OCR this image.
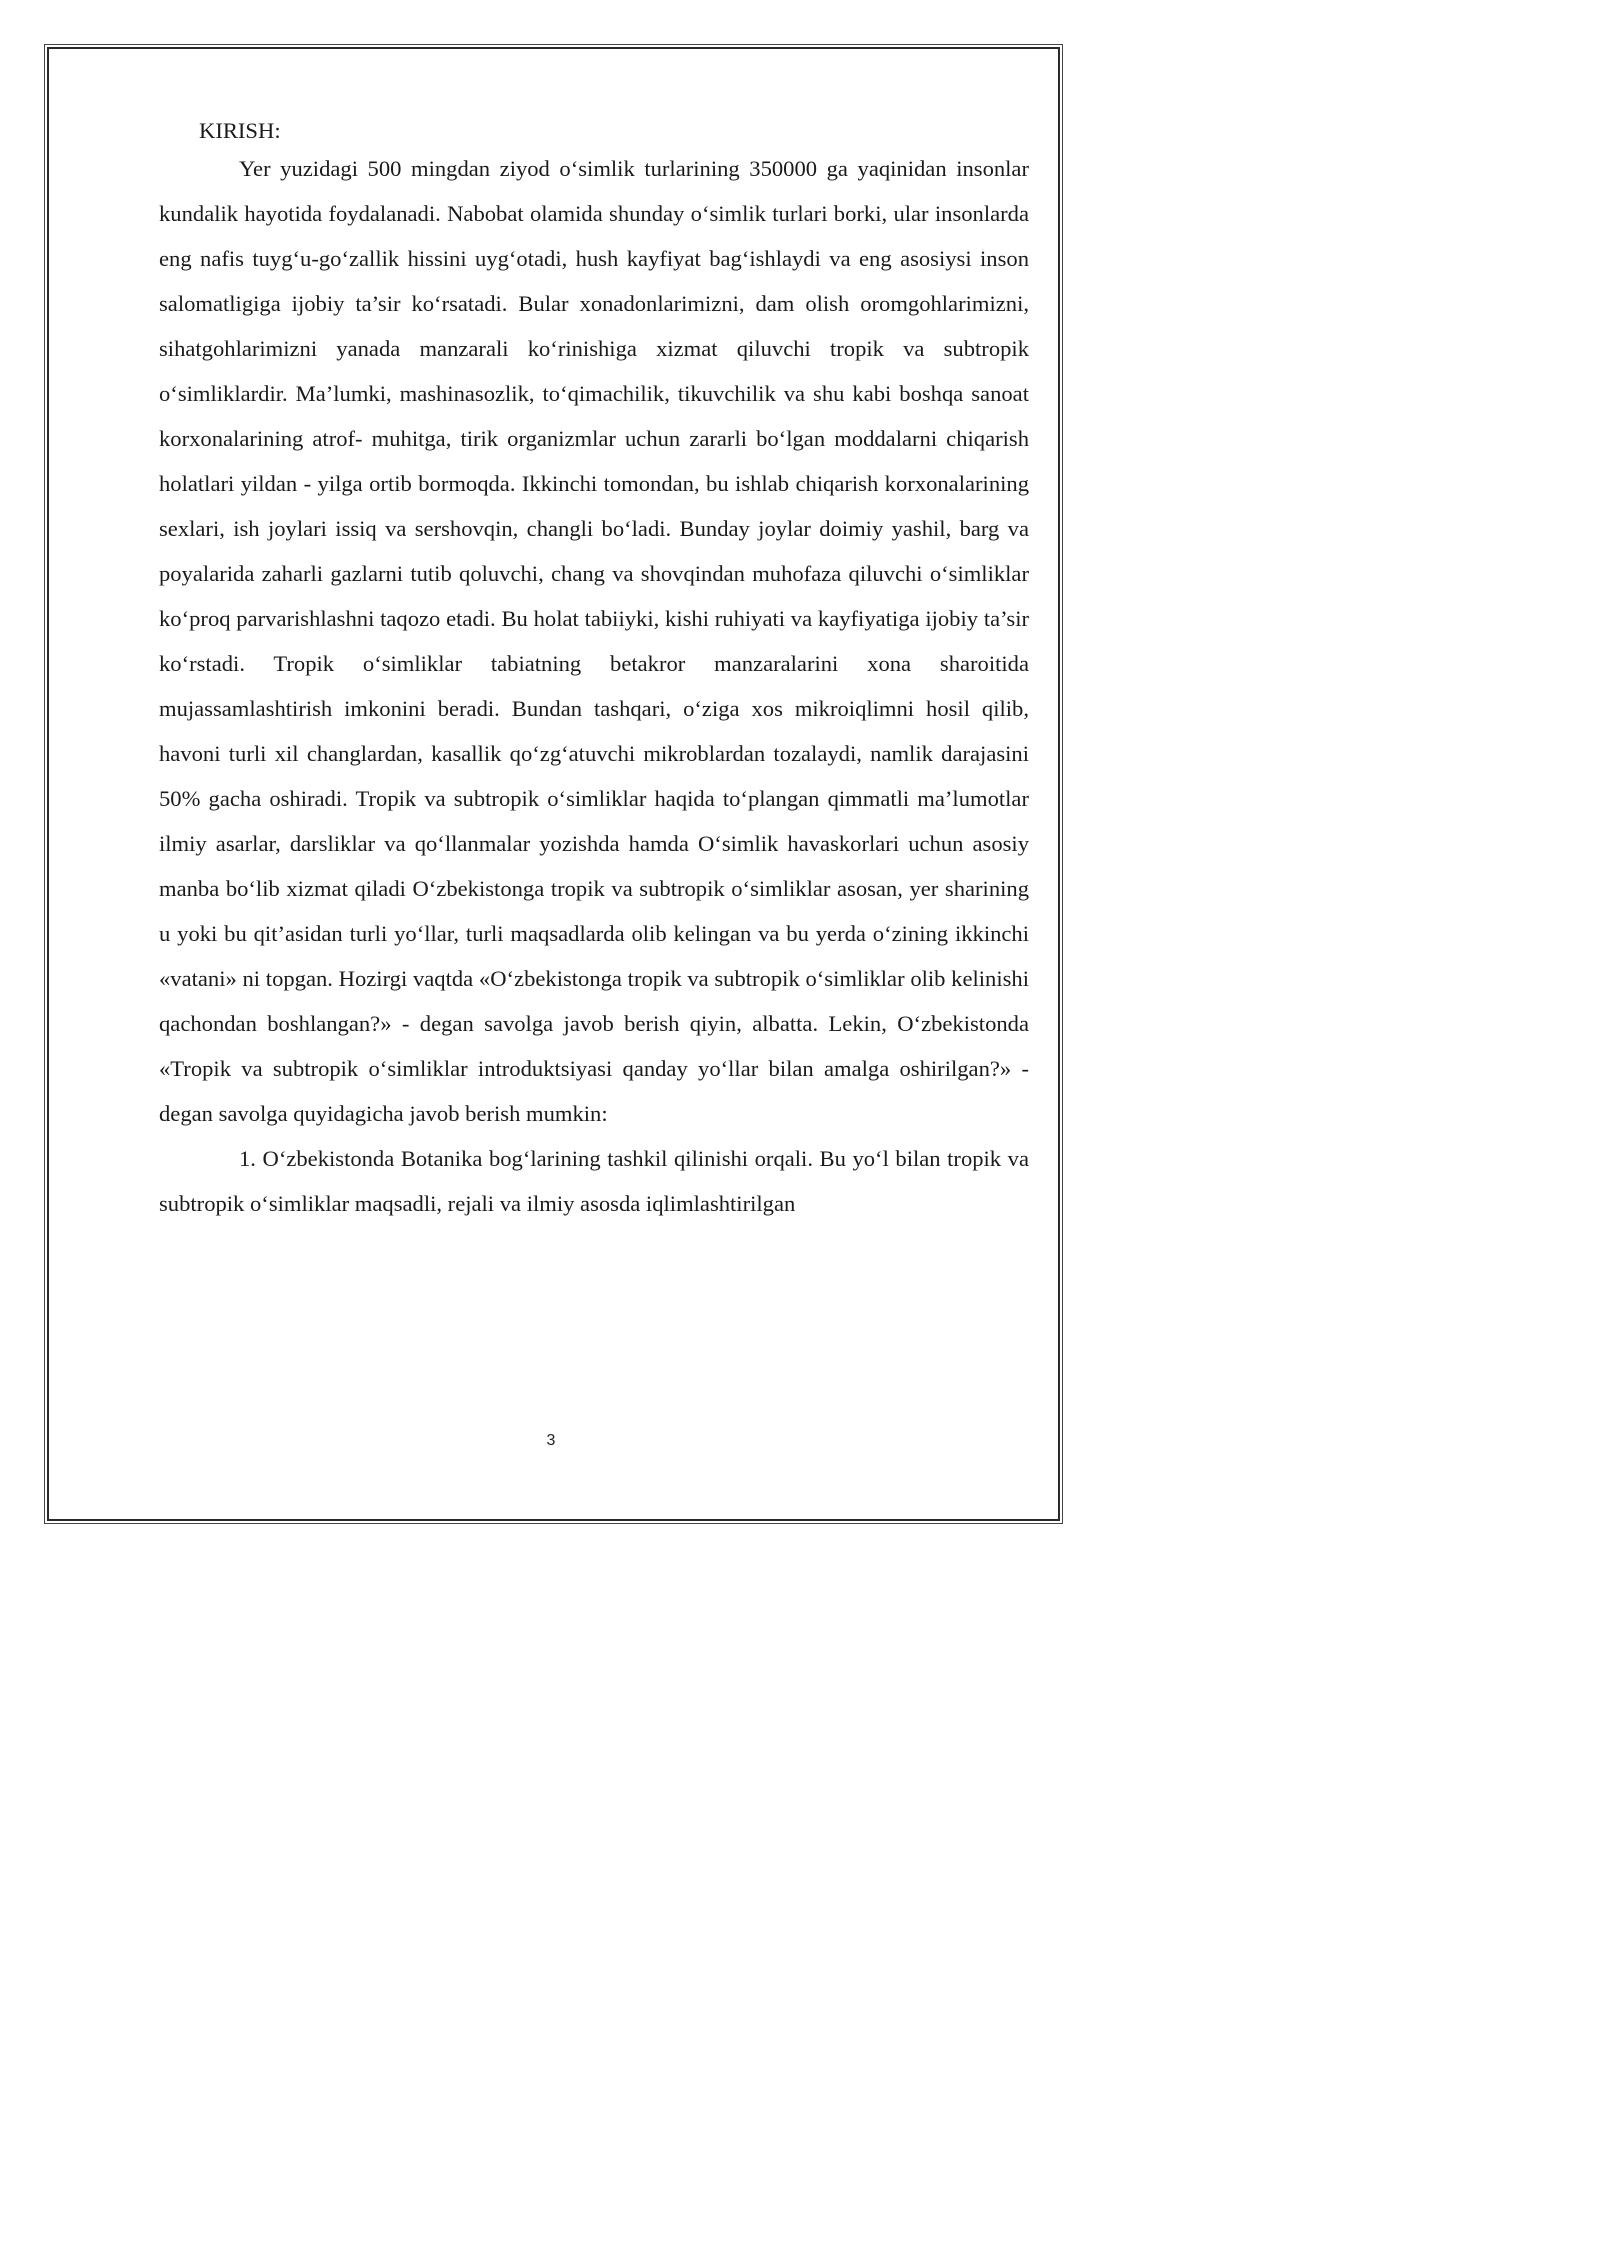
KIRISH:

Yer yuzidagi 500 mingdan ziyod o‘simlik turlarining 350000 ga yaqinidan insonlar kundalik hayotida foydalanadi. Nabobat olamida shunday o‘simlik turlari borki, ular insonlarda eng nafis tuyg‘u-go‘zallik hissini uyg‘otadi, hush kayfiyat bag‘ishlaydi va eng asosiysi inson salomatligiga ijobiy ta’sir ko‘rsatadi. Bular xonadonlarimizni, dam olish oromgohlarimizni, sihatgohlarimizni yanada manzarali ko‘rinishiga xizmat qiluvchi tropik va subtropik o‘simliklardir. Ma’lumki, mashinasozlik, to‘qimachilik, tikuvchilik va shu kabi boshqa sanoat korxonalarining atrof- muhitga, tirik organizmlar uchun zararli bo‘lgan moddalarni chiqarish holatlari yildan - yilga ortib bormoqda. Ikkinchi tomondan, bu ishlab chiqarish korxonalarining sexlari, ish joylari issiq va sershovqin, changli bo‘ladi. Bunday joylar doimiy yashil, barg va poyalarida zaharli gazlarni tutib qoluvchi, chang va shovqindan muhofaza qiluvchi o‘simliklar ko‘proq parvarishlashni taqozo etadi. Bu holat tabiiyki, kishi ruhiyati va kayfiyatiga ijobiy ta’sir ko‘rstadi. Tropik o‘simliklar tabiatning betakror manzaralarini xona sharoitida mujassamlashtirish imkonini beradi. Bundan tashqari, o‘ziga xos mikroiqlimni hosil qilib, havoni turli xil changlardan, kasallik qo‘zg‘atuvchi mikroblardan tozalaydi, namlik darajasini 50% gacha oshiradi. Tropik va subtropik o‘simliklar haqida to‘plangan qimmatli ma’lumotlar ilmiy asarlar, darsliklar va qo‘llanmalar yozishda hamda O‘simlik havaskorlari uchun asosiy manba bo‘lib xizmat qiladi O‘zbekistonga tropik va subtropik o‘simliklar asosan, yer sharining u yoki bu qit’asidan turli yo‘llar, turli maqsadlarda olib kelingan va bu yerda o‘zining ikkinchi «vatani» ni topgan. Hozirgi vaqtda «O‘zbekistonga tropik va subtropik o‘simliklar olib kelinishi qachondan boshlangan?» - degan savolga javob berish qiyin, albatta. Lekin, O‘zbekistonda «Tropik va subtropik o‘simliklar introduktsiyasi qanday yo‘llar bilan amalga oshirilgan?» - degan savolga quyidagicha javob berish mumkin:

1. O‘zbekistonda Botanika bog‘larining tashkil qilinishi orqali. Bu yo‘l bilan tropik va subtropik o‘simliklar maqsadli, rejali va ilmiy asosda iqlimlashtirilgan

3
